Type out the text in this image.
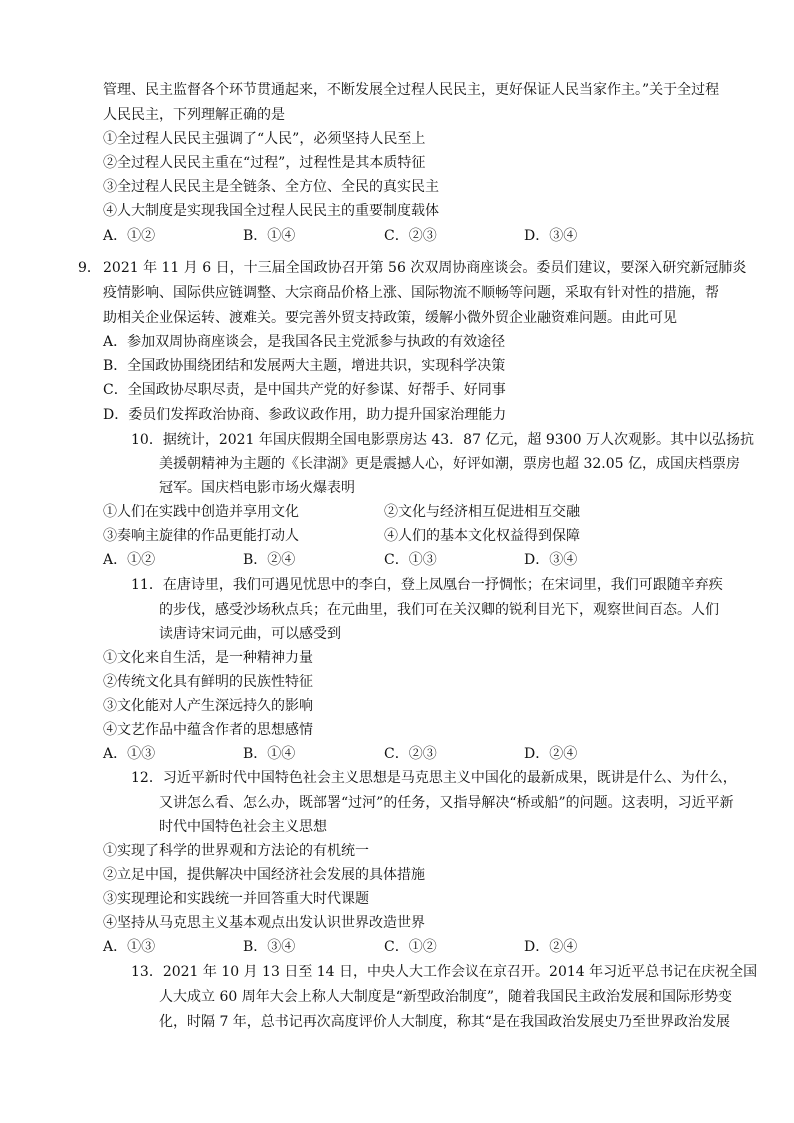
管理、民主监督各个环节贯通起来，不断发展全过程人民民主，更好保证人民当家作主。”关于全过程
人民民主，下列理解正确的是
①全过程人民民主强调了“人民”，必须坚持人民至上
②全过程人民民主重在“过程”，过程性是其本质特征
③全过程人民民主是全链条、全方位、全民的真实民主
④人大制度是实现我国全过程人民民主的重要制度载体
A．①②	B．①④	C．②③	D．③④
9． 2021 年 11 月 6 日，十三届全国政协召开第 56 次双周协商座谈会。委员们建议，要深入研究新冠肺炎
疫情影响、国际供应链调整、大宗商品价格上涨、国际物流不顺畅等问题，采取有针对性的措施，帮
助相关企业保运转、渡难关。要完善外贸支持政策，缓解小微外贸企业融资难问题。由此可见
A．参加双周协商座谈会，是我国各民主党派参与执政的有效途径
B．全国政协围绕团结和发展两大主题，增进共识，实现科学决策
C．全国政协尽职尽责，是中国共产党的好参谋、好帮手、好同事
D．委员们发挥政治协商、参政议政作用，助力提升国家治理能力
10．据统计，2021 年国庆假期全国电影票房达 43．87 亿元，超 9300 万人次观影。其中以弘扬抗
美援朝精神为主题的《长津湖》更是震撼人心，好评如潮，票房也超 32.05 亿，成国庆档票房
冠军。国庆档电影市场火爆表明
①人们在实践中创造并享用文化	②文化与经济相互促进相互交融
③奏响主旋律的作品更能打动人	④人们的基本文化权益得到保障
A．①②	B．②④	C．①③	D．③④
11．在唐诗里，我们可遇见忧思中的李白，登上凤凰台一抒惆怅；在宋词里，我们可跟随辛弃疾
的步伐，感受沙场秋点兵；在元曲里，我们可在关汉卿的锐利目光下，观察世间百态。人们
读唐诗宋词元曲，可以感受到
①文化来自生活，是一种精神力量
②传统文化具有鲜明的民族性特征
③文化能对人产生深远持久的影响
④文艺作品中蕴含作者的思想感情
A．①③	B．①④	C．②③	D．②④
12．习近平新时代中国特色社会主义思想是马克思主义中国化的最新成果，既讲是什么、为什么，
又讲怎么看、怎么办，既部署“过河”的任务，又指导解决“桥或船”的问题。这表明，习近平新
时代中国特色社会主义思想
①实现了科学的世界观和方法论的有机统一
②立足中国，提供解决中国经济社会发展的具体措施
③实现理论和实践统一并回答重大时代课题
④坚持从马克思主义基本观点出发认识世界改造世界
A．①③	B．③④	C．①②	D．②④
13．2021 年 10 月 13 日至 14 日，中央人大工作会议在京召开。2014 年习近平总书记在庆祝全国
人大成立 60 周年大会上称人大制度是“新型政治制度”，随着我国民主政治发展和国际形势变
化，时隔 7 年，总书记再次高度评价人大制度，称其“是在我国政治发展史乃至世界政治发展
